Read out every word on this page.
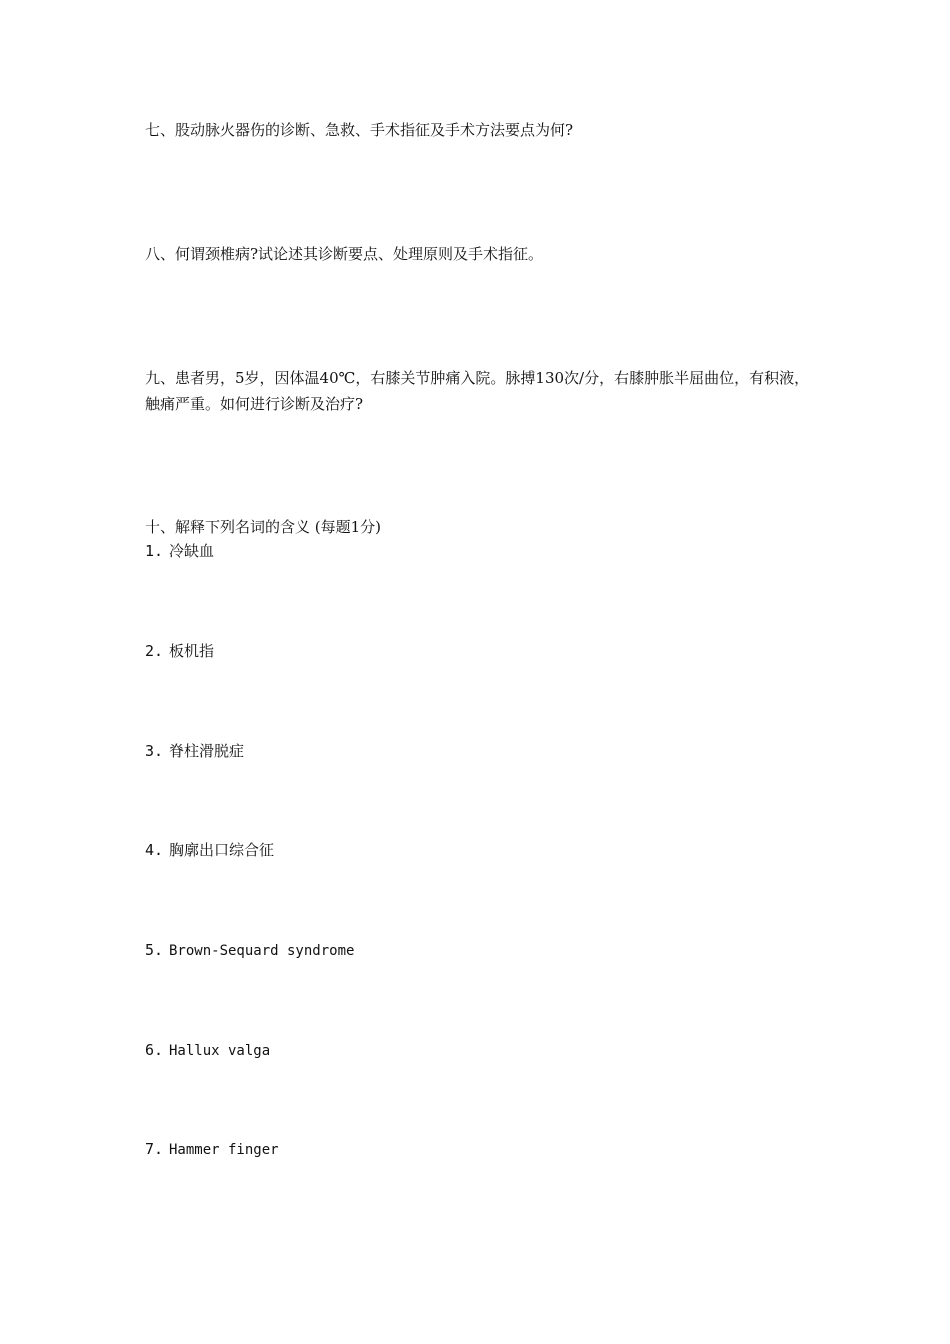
七、股动脉火器伤的诊断、急救、手术指征及手术方法要点为何?

八、何谓颈椎病?试论述其诊断要点、处理原则及手术指征。

九、患者男，5岁，因体温40℃，右膝关节肿痛入院。脉搏130次/分，右膝肿胀半屈曲位，有积液，触痛严重。如何进行诊断及治疗?

十、解释下列名词的含义 (每题1分)

1. 冷缺血

2. 板机指

3. 脊柱滑脱症

4. 胸廓出口综合征

5. Brown-Sequard syndrome

6. Hallux valga

7. Hammer finger
